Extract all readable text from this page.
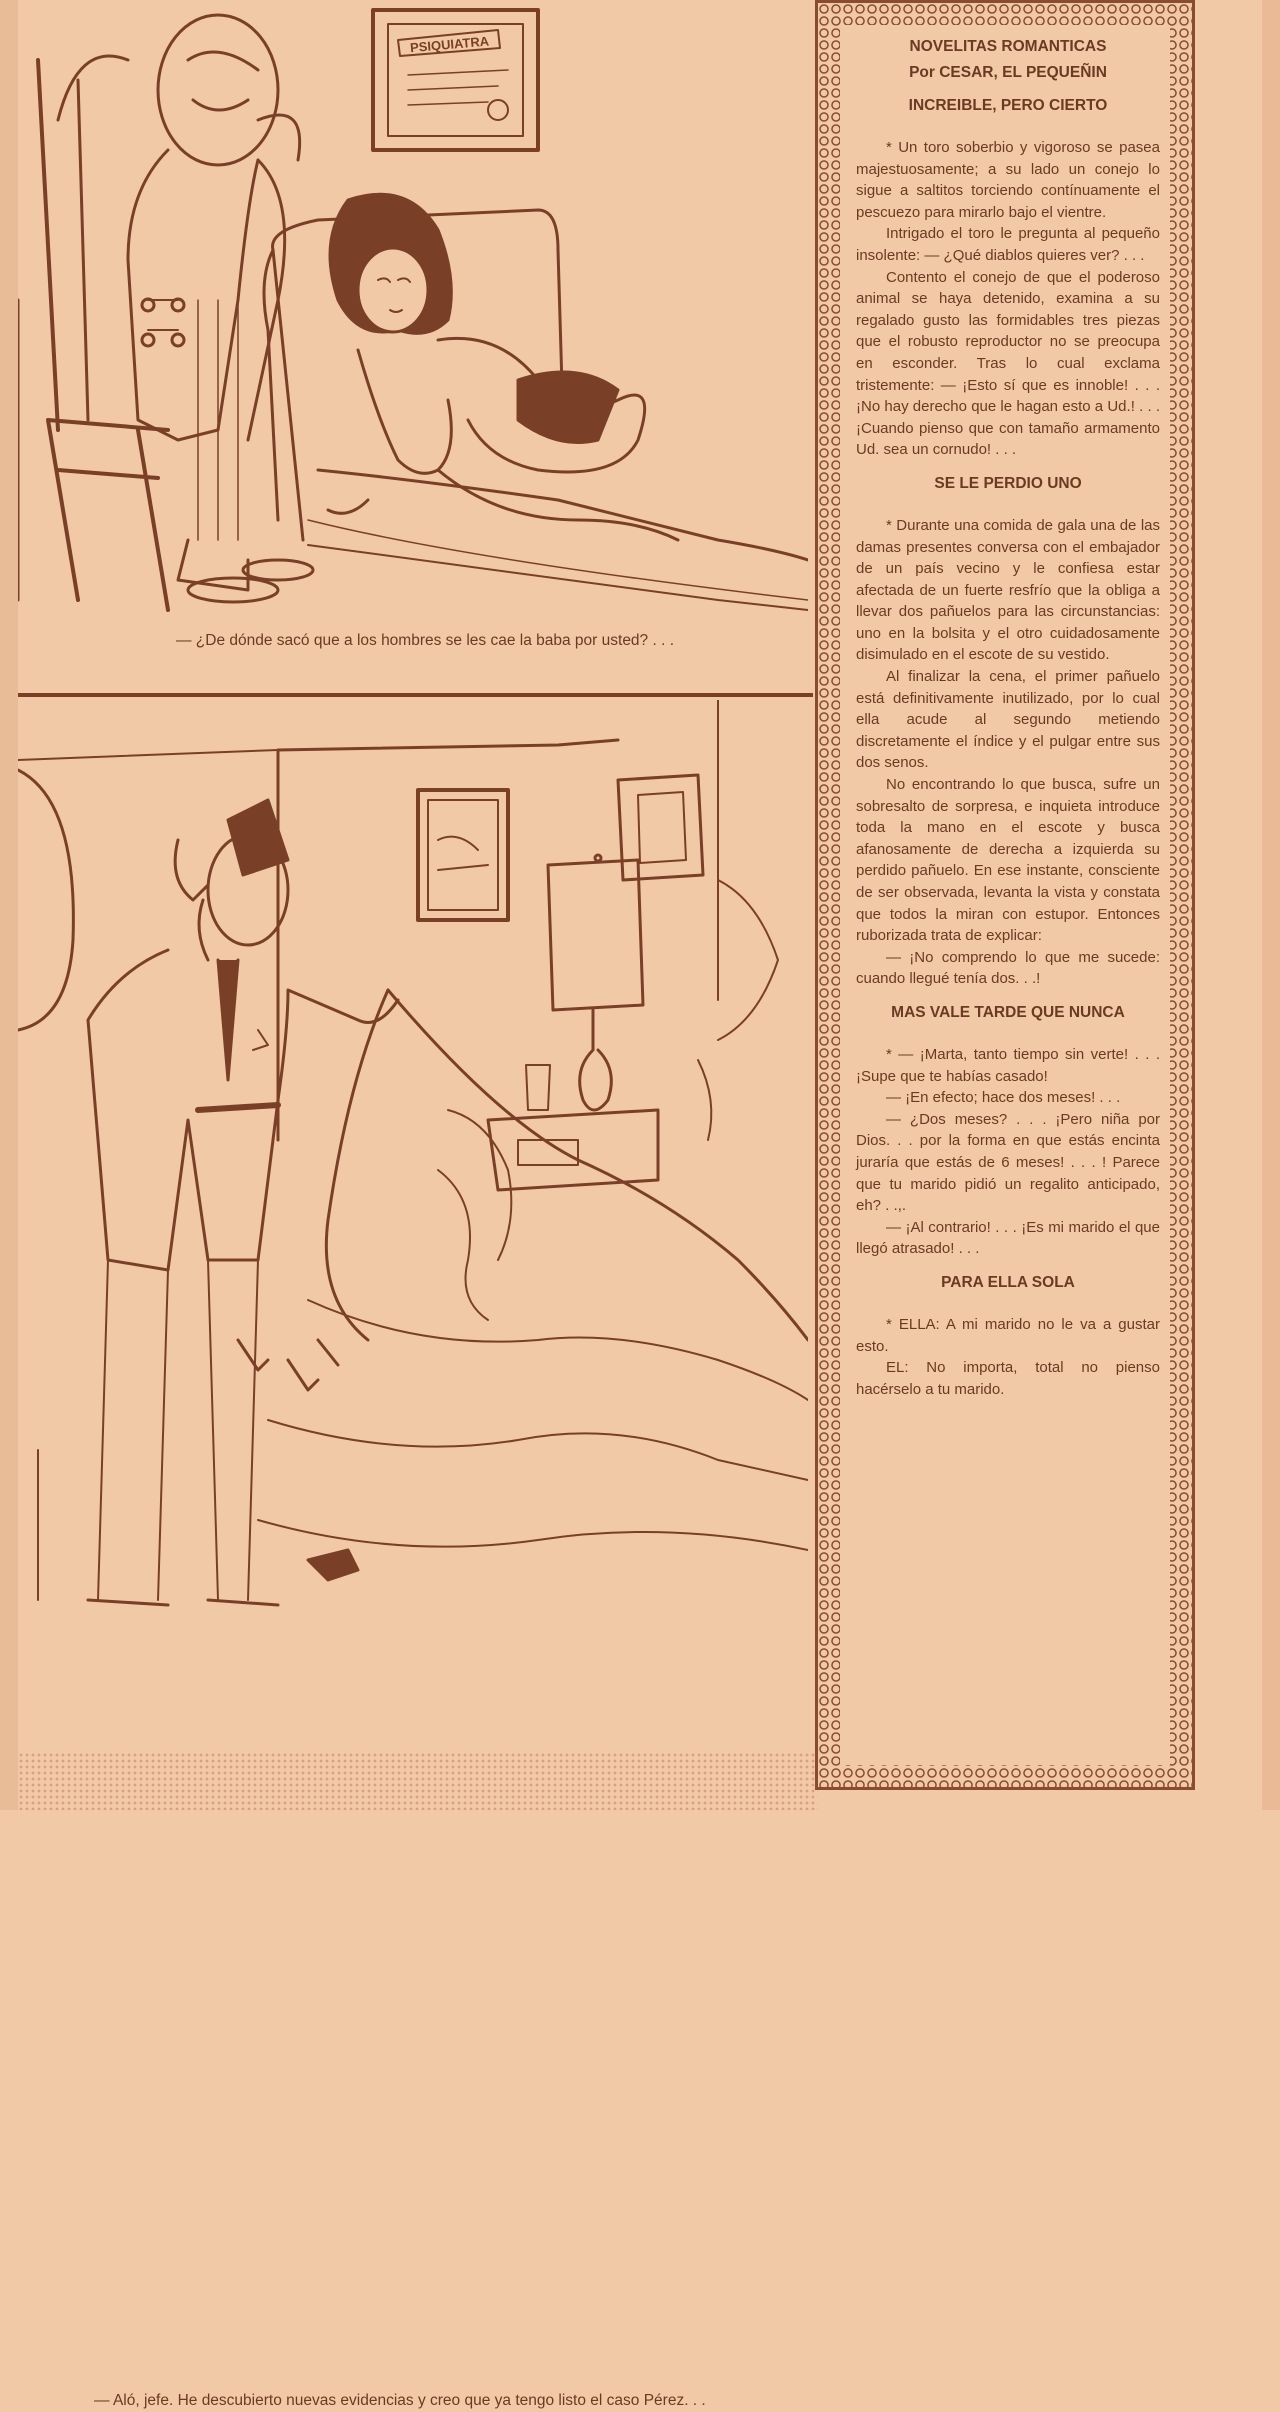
PSIQUIATRA
— ¿De dónde sacó que a los hombres se les cae la baba por usted? . . .
— Aló, jefe. He descubierto nuevas evidencias y creo que ya tengo listo el caso Pérez. . .
NOVELITAS ROMANTICAS
Por CESAR, EL PEQUEÑIN
INCREIBLE, PERO CIERTO

* Un toro soberbio y vigoroso se pasea majestuosamente; a su lado un conejo lo sigue a saltitos torciendo contínuamente el pescuezo para mirarlo bajo el vientre.

Intrigado el toro le pregunta al pequeño insolente: — ¿Qué diablos quieres ver? . . .

Contento el conejo de que el poderoso animal se haya detenido, examina a su regalado gusto las formidables tres piezas que el robusto reproductor no se preocupa en esconder. Tras lo cual exclama tristemente: — ¡Esto sí que es innoble! . . . ¡No hay derecho que le hagan esto a Ud.! . . . ¡Cuando pienso que con tamaño armamento Ud. sea un cornudo! . . .

SE LE PERDIO UNO

* Durante una comida de gala una de las damas presentes conversa con el embajador de un país vecino y le confiesa estar afectada de un fuerte resfrío que la obliga a llevar dos pañuelos para las circunstancias: uno en la bolsita y el otro cuidadosamente disimulado en el escote de su vestido.

Al finalizar la cena, el primer pañuelo está definitivamente inutilizado, por lo cual ella acude al segundo metiendo discretamente el índice y el pulgar entre sus dos senos.

No encontrando lo que busca, sufre un sobresalto de sorpresa, e inquieta introduce toda la mano en el escote y busca afanosamente de derecha a izquierda su perdido pañuelo. En ese instante, consciente de ser observada, levanta la vista y constata que todos la miran con estupor. Entonces ruborizada trata de explicar:

— ¡No comprendo lo que me sucede: cuando llegué tenía dos. . .!

MAS VALE TARDE QUE NUNCA

* — ¡Marta, tanto tiempo sin verte! . . . ¡Supe que te habías casado!

— ¡En efecto; hace dos meses! . . .

— ¿Dos meses? . . . ¡Pero niña por Dios. . . por la forma en que estás encinta juraría que estás de 6 meses! . . . ! Parece que tu marido pidió un regalito anticipado, eh? . .,.

— ¡Al contrario! . . . ¡Es mi marido el que llegó atrasado! . . .

PARA ELLA SOLA

* ELLA: A mi marido no le va a gustar esto.

EL: No importa, total no pienso hacérselo a tu marido.
